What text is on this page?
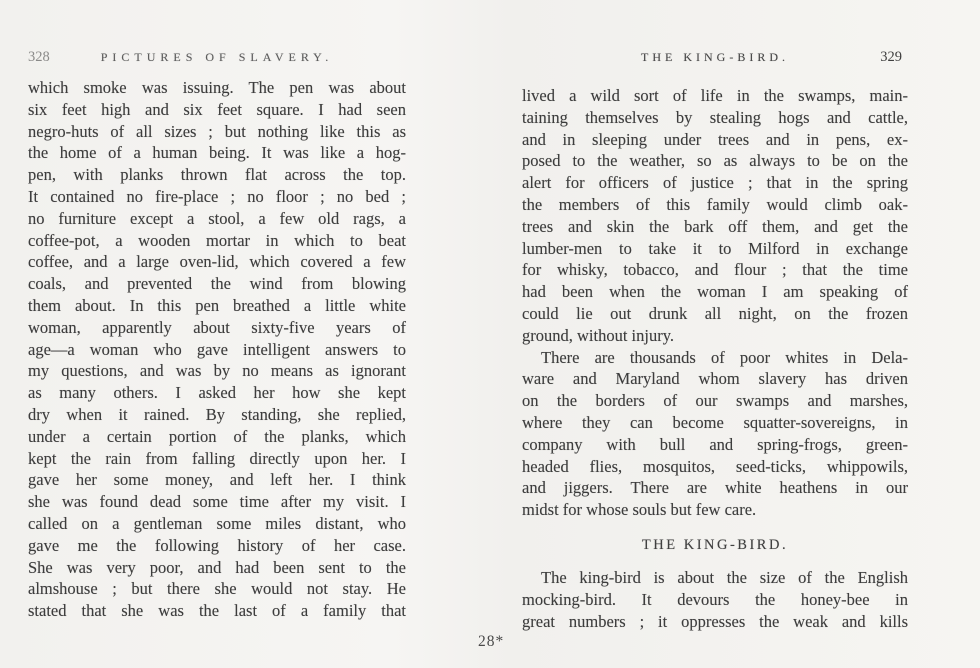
328	PICTURES OF SLAVERY.
which smoke was issuing. The pen was about
six feet high and six feet square. I had seen
negro-huts of all sizes ; but nothing like this as
the home of a human being. It was like a hog-
pen, with planks thrown flat across the top.
It contained no fire-place ; no floor ; no bed ;
no furniture except a stool, a few old rags, a
coffee-pot, a wooden mortar in which to beat
coffee, and a large oven-lid, which covered a few
coals, and prevented the wind from blowing
them about. In this pen breathed a little white
woman, apparently about sixty-five years of
age—a woman who gave intelligent answers to
my questions, and was by no means as ignorant
as many others. I asked her how she kept
dry when it rained. By standing, she replied,
under a certain portion of the planks, which
kept the rain from falling directly upon her. I
gave her some money, and left her. I think
she was found dead some time after my visit. I
called on a gentleman some miles distant, who
gave me the following history of her case.
She was very poor, and had been sent to the
almshouse ; but there she would not stay. He
stated that she was the last of a family that
THE KING-BIRD.	329
lived a wild sort of life in the swamps, main-
taining themselves by stealing hogs and cattle,
and in sleeping under trees and in pens, ex-
posed to the weather, so as always to be on the
alert for officers of justice ; that in the spring
the members of this family would climb oak-
trees and skin the bark off them, and get the
lumber-men to take it to Milford in exchange
for whisky, tobacco, and flour ; that the time
had been when the woman I am speaking of
could lie out drunk all night, on the frozen
ground, without injury.
There are thousands of poor whites in Dela-
ware and Maryland whom slavery has driven
on the borders of our swamps and marshes,
where they can become squatter-sovereigns, in
company with bull and spring-frogs, green-
headed flies, mosquitos, seed-ticks, whippowils,
and jiggers. There are white heathens in our
midst for whose souls but few care.
THE KING-BIRD.
The king-bird is about the size of the English
mocking-bird. It devours the honey-bee in
great numbers ; it oppresses the weak and kills
28*
